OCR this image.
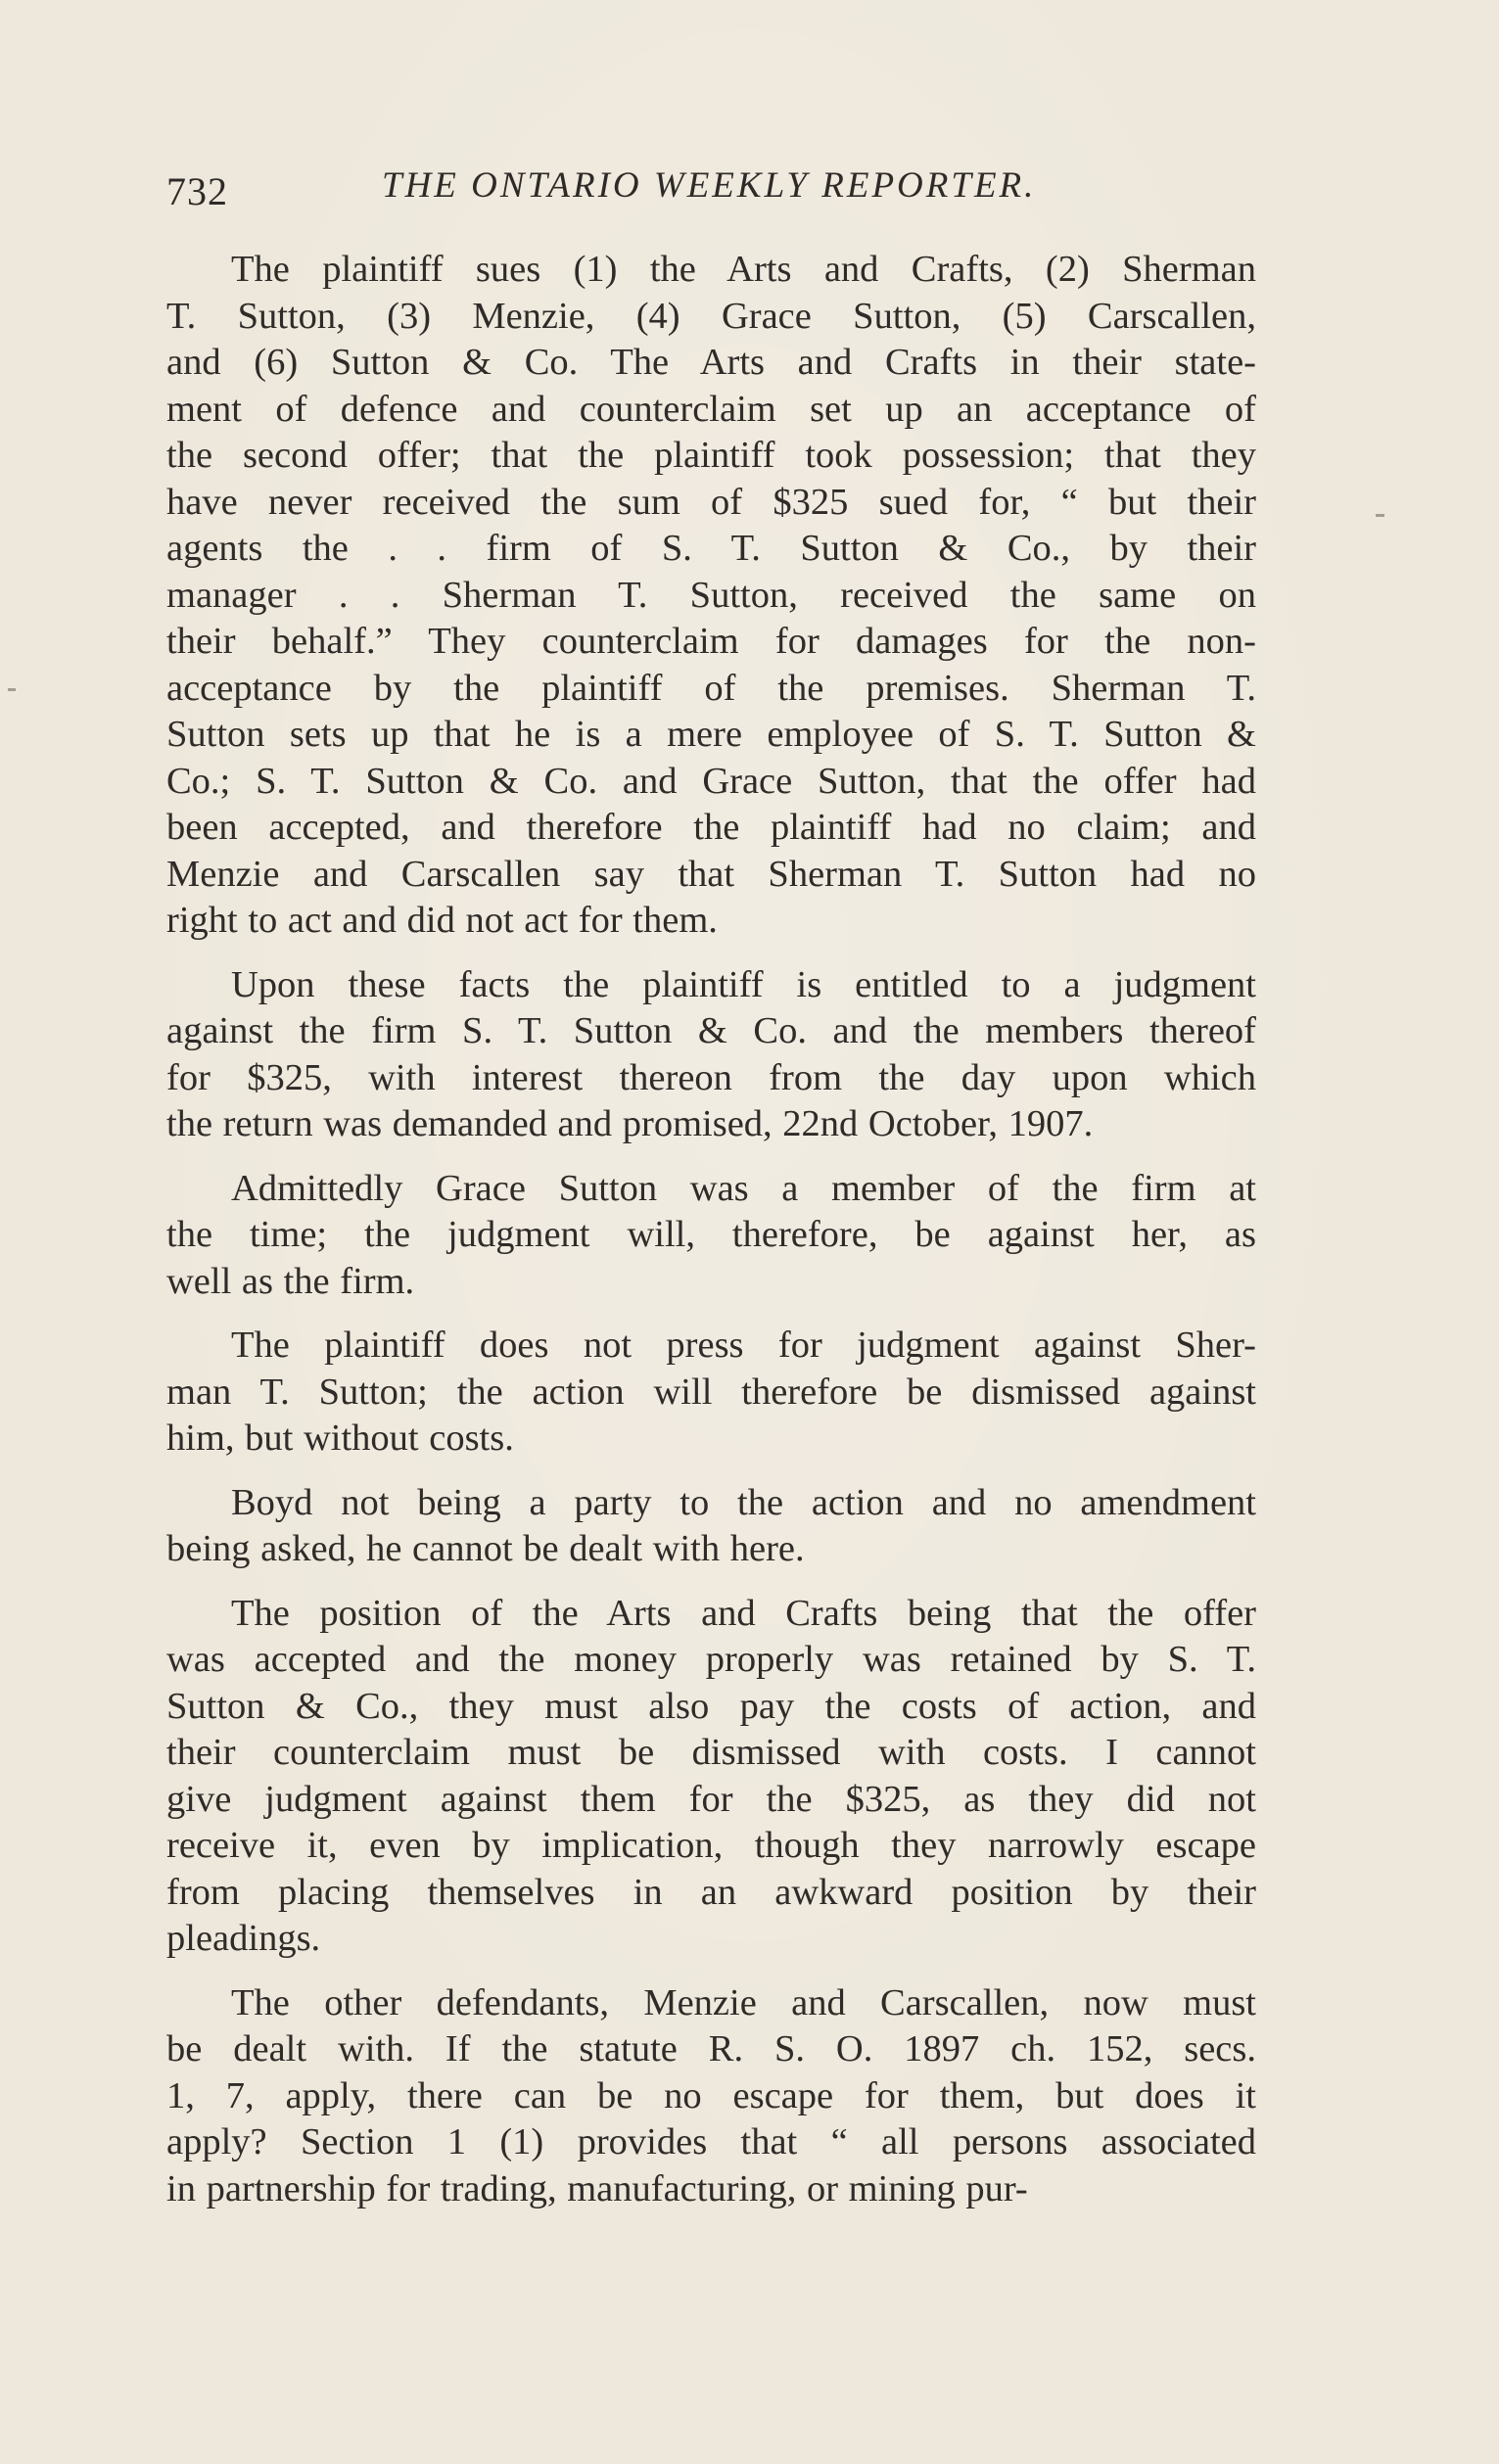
732	THE ONTARIO WEEKLY REPORTER.
The plaintiff sues (1) the Arts and Crafts, (2) Sherman
T. Sutton, (3) Menzie, (4) Grace Sutton, (5) Carscallen,
and (6) Sutton & Co. The Arts and Crafts in their state-
ment of defence and counterclaim set up an acceptance of
the second offer; that the plaintiff took possession; that they
have never received the sum of $325 sued for, “ but their
agents the . . firm of S. T. Sutton & Co., by their
manager . . Sherman T. Sutton, received the same on
their behalf.” They counterclaim for damages for the non-
acceptance by the plaintiff of the premises. Sherman T.
Sutton sets up that he is a mere employee of S. T. Sutton &
Co.; S. T. Sutton & Co. and Grace Sutton, that the offer had
been accepted, and therefore the plaintiff had no claim; and
Menzie and Carscallen say that Sherman T. Sutton had no
right to act and did not act for them.
Upon these facts the plaintiff is entitled to a judgment
against the firm S. T. Sutton & Co. and the members thereof
for $325, with interest thereon from the day upon which
the return was demanded and promised, 22nd October, 1907.
Admittedly Grace Sutton was a member of the firm at
the time; the judgment will, therefore, be against her, as
well as the firm.
The plaintiff does not press for judgment against Sher-
man T. Sutton; the action will therefore be dismissed against
him, but without costs.
Boyd not being a party to the action and no amendment
being asked, he cannot be dealt with here.
The position of the Arts and Crafts being that the offer
was accepted and the money properly was retained by S. T.
Sutton & Co., they must also pay the costs of action, and
their counterclaim must be dismissed with costs. I cannot
give judgment against them for the $325, as they did not
receive it, even by implication, though they narrowly escape
from placing themselves in an awkward position by their
pleadings.
The other defendants, Menzie and Carscallen, now must
be dealt with. If the statute R. S. O. 1897 ch. 152, secs.
1, 7, apply, there can be no escape for them, but does it
apply? Section 1 (1) provides that “ all persons associated
in partnership for trading, manufacturing, or mining pur-
